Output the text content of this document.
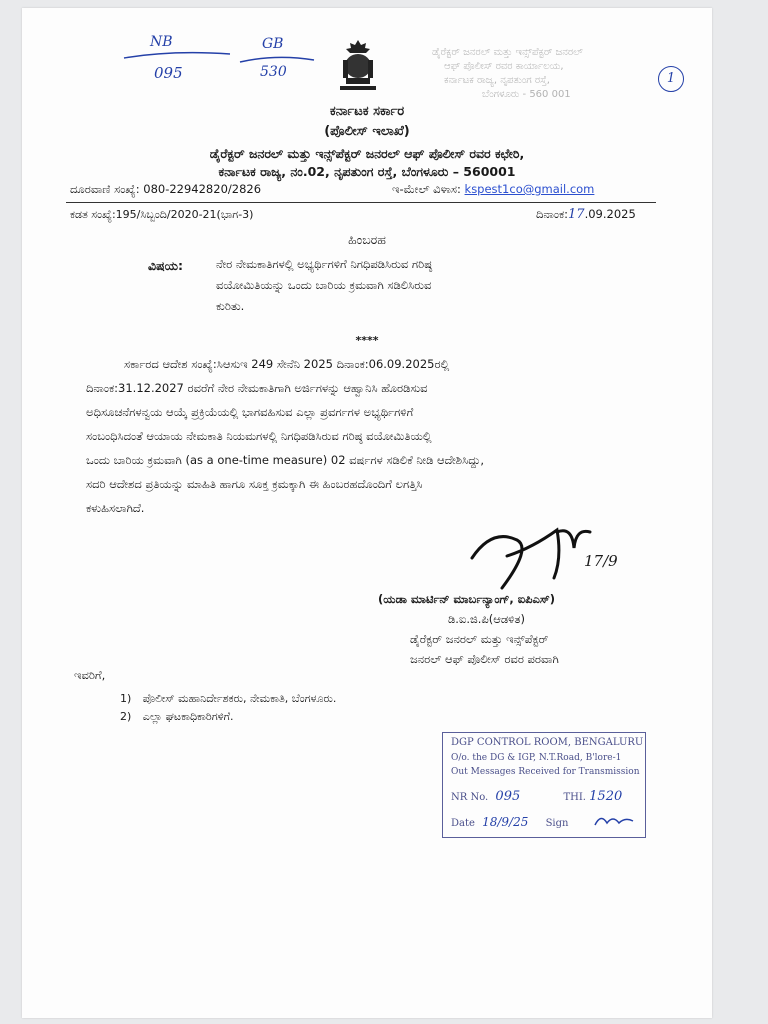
NB
095
GB
530
ಡೈರೆಕ್ಟರ್ ಜನರಲ್ ಮತ್ತು ಇನ್ಸ್‌ಪೆಕ್ಟರ್ ಜನರಲ್
ಆಫ್ ಪೊಲೀಸ್ ರವರ ಕಾರ್ಯಾಲಯ,
ಕರ್ನಾಟಕ ರಾಜ್ಯ, ನೃಪತುಂಗ ರಸ್ತೆ,
ಬೆಂಗಳೂರು - 560 001
1
ಕರ್ನಾಟಕ ಸರ್ಕಾರ
(ಪೊಲೀಸ್ ಇಲಾಖೆ)
ಡೈರೆಕ್ಟರ್ ಜನರಲ್ ಮತ್ತು ಇನ್ಸ್‌ಪೆಕ್ಟರ್ ಜನರಲ್ ಆಫ್ ಪೊಲೀಸ್ ರವರ ಕಛೇರಿ,
ಕರ್ನಾಟಕ ರಾಜ್ಯ, ನಂ.02, ನೃಪತುಂಗ ರಸ್ತೆ, ಬೆಂಗಳೂರು – 560001
ದೂರವಾಣಿ ಸಂಖ್ಯೆ: 080-22942820/2826	ಇ-ಮೇಲ್ ವಿಳಾಸ: kspest1co@gmail.com
ಕಡತ ಸಂಖ್ಯೆ:195/ಸಿಬ್ಬಂದಿ/2020-21(ಭಾಗ-3)	ದಿನಾಂಕ:17.09.2025
ಹಿಂಬರಹ
ವಿಷಯ:	ನೇರ ನೇಮಕಾತಿಗಳಲ್ಲಿ ಅಭ್ಯರ್ಥಿಗಳಿಗೆ ನಿಗಧಿಪಡಿಸಿರುವ ಗರಿಷ್ಠ
ವಯೋಮಿತಿಯನ್ನು ಒಂದು ಬಾರಿಯ ಕ್ರಮವಾಗಿ ಸಡಿಲಿಸಿರುವ
ಕುರಿತು.
****
ಸರ್ಕಾರದ ಆದೇಶ ಸಂಖ್ಯೆ:ಸಿಆಸುಇ 249 ಸೇನೆನಿ 2025 ದಿನಾಂಕ:06.09.2025ರಲ್ಲಿ
ದಿನಾಂಕ:31.12.2027 ರವರೆಗೆ ನೇರ ನೇಮಕಾತಿಗಾಗಿ ಅರ್ಜಿಗಳನ್ನು ಆಹ್ವಾನಿಸಿ ಹೊರಡಿಸುವ
ಅಧಿಸೂಚನೆಗಳನ್ವಯ ಆಯ್ಕೆ ಪ್ರಕ್ರಿಯೆಯಲ್ಲಿ ಭಾಗವಹಿಸುವ ಎಲ್ಲಾ ಪ್ರವರ್ಗಗಳ ಅಭ್ಯರ್ಥಿಗಳಿಗೆ
ಸಂಬಂಧಿಸಿದಂತೆ ಆಯಾಯ ನೇಮಕಾತಿ ನಿಯಮಗಳಲ್ಲಿ ನಿಗಧಿಪಡಿಸಿರುವ ಗರಿಷ್ಠ ವಯೋಮಿತಿಯಲ್ಲಿ
ಒಂದು ಬಾರಿಯ ಕ್ರಮವಾಗಿ (as a one-time measure) 02 ವರ್ಷಗಳ ಸಡಿಲಿಕೆ ನೀಡಿ ಆದೇಶಿಸಿದ್ದು,
ಸದರಿ ಆದೇಶದ ಪ್ರತಿಯನ್ನು ಮಾಹಿತಿ ಹಾಗೂ ಸೂಕ್ತ ಕ್ರಮಕ್ಕಾಗಿ ಈ ಹಿಂಬರಹದೊಂದಿಗೆ ಲಗತ್ತಿಸಿ
ಕಳುಹಿಸಲಾಗಿದೆ.
17/9
(ಯಡಾ ಮಾರ್ಟಿನ್ ಮಾರ್ಬನ್ಯಾಂಗ್, ಐಪಿಎಸ್)
ಡಿ.ಐ.ಜಿ.ಪಿ(ಆಡಳಿತ)
ಡೈರೆಕ್ಟರ್ ಜನರಲ್ ಮತ್ತು ಇನ್ಸ್‌ಪೆಕ್ಟರ್
ಜನರಲ್ ಆಫ್ ಪೊಲೀಸ್ ರವರ ಪರವಾಗಿ
ಇವರಿಗೆ,
1) ಪೊಲೀಸ್ ಮಹಾನಿರ್ದೇಶಕರು, ನೇಮಕಾತಿ, ಬೆಂಗಳೂರು.
2) ಎಲ್ಲಾ ಘಟಕಾಧಿಕಾರಿಗಳಿಗೆ.
DGP CONTROL ROOM, BENGALURU
O/o. the DG & IGP, N.T.Road, B'lore-1
Out Messages Received for Transmission
NR No. 095	THI. 1520
Date 18/9/25 Sign
